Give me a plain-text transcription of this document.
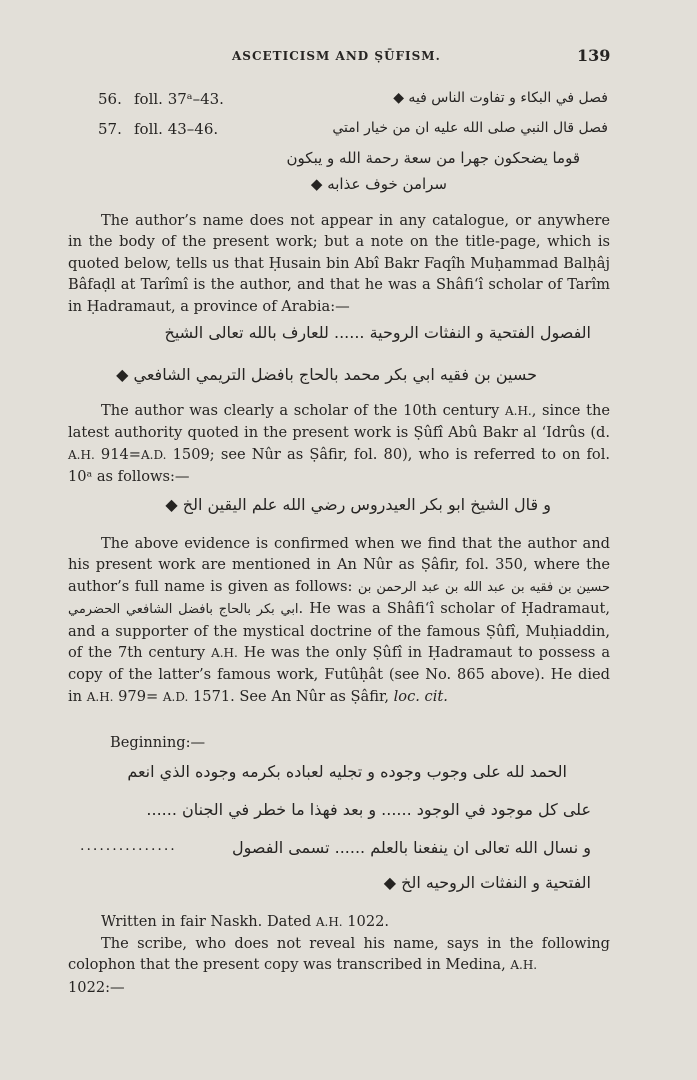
ASCETICISM AND ṢŪFISM.	139
56. foll. 37ᵃ–43.	فصل في البكاء و تفاوت الناس فيه ◆
57. foll. 43–46.	فصل قال النبي صلى الله عليه ان من خيار امتي
قوما يضحكون جهرا من سعة رحمة الله و يبكون
سرامن خوف عذابه ◆

The author’s name does not appear in any catalogue, or anywhere in the body of the present work; but a note on the title-page, which is quoted below, tells us that Ḥusain bin Abî Bakr Faqîh Muḥammad Balḥâj Bâfaḍl at Tarîmî is the author, and that he was a Shâfi‘î scholar of Tarîm in Ḥadramaut, a province of Arabia:—

الفصول الفتحية و النفثات الروحية ...... للعارف بالله تعالى الشيخ
حسين بن فقيه ابي بكر محمد بالحاج بافضل التريمي الشافعي ◆

The author was clearly a scholar of the 10th century A.H., since the latest authority quoted in the present work is Ṣûfî Abû Bakr al ‘Idrûs (d. A.H. 914=A.D. 1509; see Nûr as Ṣâfir, fol. 80), who is referred to on fol. 10ᵃ as follows:—

و قال الشيخ ابو بكر العيدروس رضي الله علم اليقين الخ ◆

The above evidence is confirmed when we find that the author and his present work are mentioned in An Nûr as Ṣâfir, fol. 350, where the author’s full name is given as follows:	حسين بن فقيه بن عبد الله بن عبد الرحمن بن ابي بكر بالحاج بافضل الشافعي الحضرمي. He was a Shâfi‘î scholar of Ḥadramaut, and a supporter of the mystical doctrine of the famous Ṣûfî, Muḥiaddin, of the 7th century A.H. He was the only Ṣûfî in Ḥadramaut to possess a copy of the latter’s famous work, Futûḥât (see No. 865 above). He died in A.H. 979= A.D. 1571. See An Nûr as Ṣâfir, loc. cit.

Beginning:—
الحمد لله على وجوب وجوده و تجليه لعباده بكرمه وجوده الذي انعم
على كل موجود في الوجود ...... و بعد فهذا ما خطر في الجنان ......
...............	و نسال الله تعالى ان ينفعنا بالعلم ...... تسمى الفصول
الفتحية و النفثات الروحيه الخ ◆

Written in fair Naskh. Dated A.H. 1022.

The scribe, who does not reveal his name, says in the following colophon that the present copy was transcribed in Medina, A.H.
1022:—
